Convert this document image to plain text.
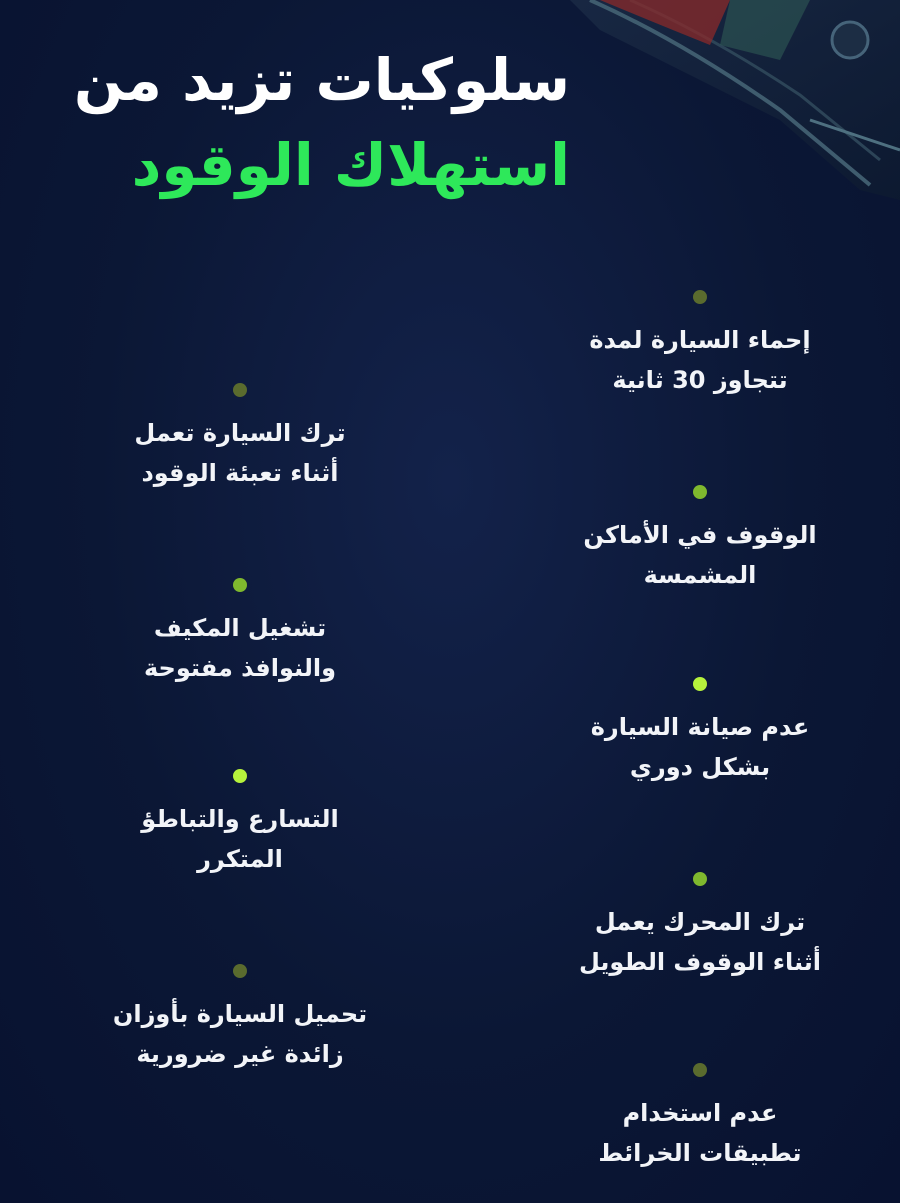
سلوكيات تزيد من
استهلاك الوقود
إحماء السيارة لمدة
تتجاوز 30 ثانية
الوقوف في الأماكن
المشمسة
عدم صيانة السيارة
بشكل دوري
ترك المحرك يعمل
أثناء الوقوف الطويل
عدم استخدام
تطبيقات الخرائط
ترك السيارة تعمل
أثناء تعبئة الوقود
تشغيل المكيف
والنوافذ مفتوحة
التسارع والتباطؤ
المتكرر
تحميل السيارة بأوزان
زائدة غير ضرورية
